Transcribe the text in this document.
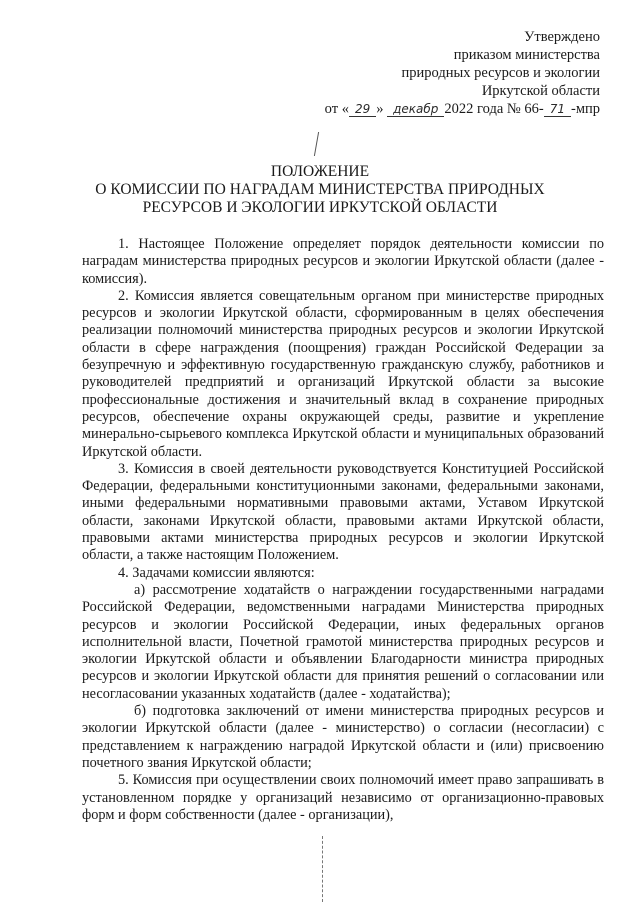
Утверждено
приказом министерства
природных ресурсов и экологии
Иркутской области
от « 29 » декабр 2022 года № 66- 71 -мпр
ПОЛОЖЕНИЕ
О КОМИССИИ ПО НАГРАДАМ МИНИСТЕРСТВА ПРИРОДНЫХ
РЕСУРСОВ И ЭКОЛОГИИ ИРКУТСКОЙ ОБЛАСТИ

1. Настоящее Положение определяет порядок деятельности комиссии по наградам министерства природных ресурсов и экологии Иркутской области (далее - комиссия).

2. Комиссия является совещательным органом при министерстве природных ресурсов и экологии Иркутской области, сформированным в целях обеспечения реализации полномочий министерства природных ресурсов и экологии Иркутской области в сфере награждения (поощрения) граждан Российской Федерации за безупречную и эффективную государственную гражданскую службу, работников и руководителей предприятий и организаций Иркутской области за высокие профессиональные достижения и значительный вклад в сохранение природных ресурсов, обеспечение охраны окружающей среды, развитие и укрепление минерально-сырьевого комплекса Иркутской области и муниципальных образований Иркутской области.

3. Комиссия в своей деятельности руководствуется Конституцией Российской Федерации, федеральными конституционными законами, федеральными законами, иными федеральными нормативными правовыми актами, Уставом Иркутской области, законами Иркутской области, правовыми актами Иркутской области, правовыми актами министерства природных ресурсов и экологии Иркутской области, а также настоящим Положением.

4. Задачами комиссии являются:

а) рассмотрение ходатайств о награждении государственными наградами Российской Федерации, ведомственными наградами Министерства природных ресурсов и экологии Российской Федерации, иных федеральных органов исполнительной власти, Почетной грамотой министерства природных ресурсов и экологии Иркутской области и объявлении Благодарности министра природных ресурсов и экологии Иркутской области для принятия решений о согласовании или несогласовании указанных ходатайств (далее - ходатайства);

б) подготовка заключений от имени министерства природных ресурсов и экологии Иркутской области (далее - министерство) о согласии (несогласии) с представлением к награждению наградой Иркутской области и (или) присвоению почетного звания Иркутской области;

5. Комиссия при осуществлении своих полномочий имеет право запрашивать в установленном порядке у организаций независимо от организационно-правовых форм и форм собственности (далее - организации),
